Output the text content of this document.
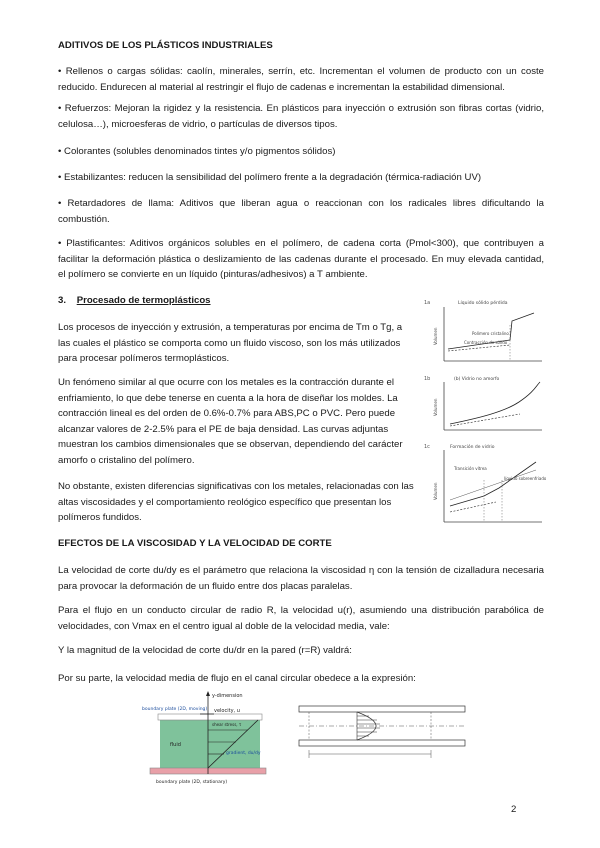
ADITIVOS DE LOS PLÁSTICOS INDUSTRIALES

• Rellenos o cargas sólidas: caolín, minerales, serrín, etc. Incrementan el volumen de producto con un coste reducido. Endurecen al material al restringir el flujo de cadenas e incrementan la estabilidad dimensional.

• Refuerzos: Mejoran la rigidez y la resistencia. En plásticos para inyección o extrusión son fibras cortas (vidrio, celulosa…), microesferas de vidrio, o partículas de diversos tipos.

• Colorantes (solubles denominados tintes y/o pigmentos sólidos)

• Estabilizantes: reducen la sensibilidad del polímero frente a la degradación (térmica-radiación UV)

• Retardadores de llama: Aditivos que liberan agua o reaccionan con los radicales libres dificultando la combustión.

• Plastificantes: Aditivos orgánicos solubles en el polímero, de cadena corta (Pmol<300), que contribuyen a facilitar la deformación plástica o deslizamiento de las cadenas durante el procesado. En muy elevada cantidad, el polímero se convierte en un líquido (pinturas/adhesivos) a T ambiente.

3. Procesado de termoplásticos

Los procesos de inyección y extrusión, a temperaturas por encima de Tm o Tg, a las cuales el plástico se comporta como un fluido viscoso, son los más utilizados para procesar polímeros termoplásticos.

Un fenómeno similar al que ocurre con los metales es la contracción durante el enfriamiento, lo que debe tenerse en cuenta a la hora de diseñar los moldes. La contracción lineal es del orden de 0.6%-0.7% para ABS,PC o PVC. Pero puede alcanzar valores de 2-2.5% para el PE de baja densidad. Las curvas adjuntas muestran los cambios dimensionales que se observan, dependiendo del carácter amorfo o cristalino del polímero.

No obstante, existen diferencias significativas con los metales, relacionadas con las altas viscosidades y el comportamiento reológico específico que presentan los polímeros fundidos.

1a	Líquido sólido pérdida
Volumen	Polímero cristalino
Contracción de sólido
1b	(b) Vidrio no amorfo
Volumen
1c	Formación de vidrio
Volumen
Transición vítrea
líquido sobreenfriado

EFECTOS DE LA VISCOSIDAD Y LA VELOCIDAD DE CORTE

La velocidad de corte du/dy es el parámetro que relaciona la viscosidad η con la tensión de cizalladura necesaria para provocar la deformación de un fluido entre dos placas paralelas.

Para el flujo en un conducto circular de radio R, la velocidad u(r), asumiendo una distribución parabólica de velocidades, con Vmax en el centro igual al doble de la velocidad media, vale:

Y la magnitud de la velocidad de corte du/dr en la pared (r=R) valdrá:

Por su parte, la velocidad media de flujo en el canal circular obedece a la expresión:

y-dimension
boundary plate (2D, moving) velocity, u
shear stress, τ
fluid
gradient, du/dy
boundary plate (2D, stationary)
2
